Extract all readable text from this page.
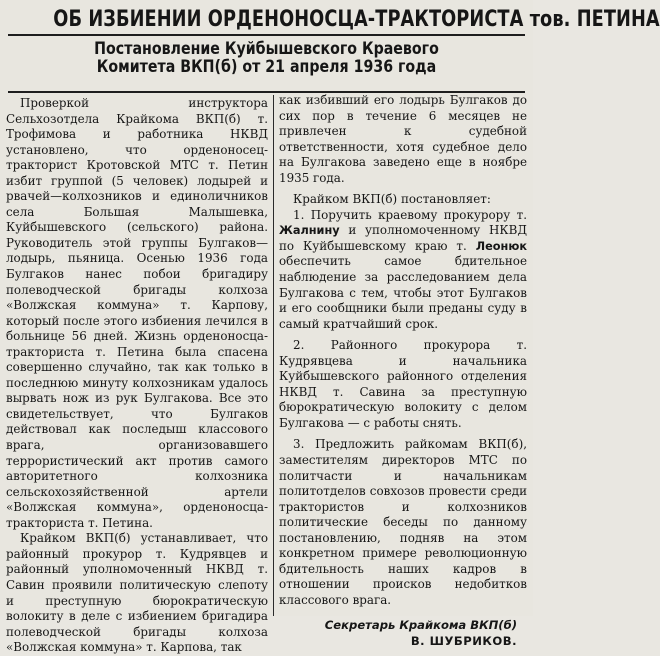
ОБ ИЗБИЕНИИ ОРДЕНОНОСЦА-ТРАКТОРИСТА тов. ПЕТИНА
Постановление Куйбышевского Краевого
Комитета ВКП(б) от 21 апреля 1936 года

Проверкой инструктора Сельхозотдела Крайкома ВКП(б) т. Трофимова и работника НКВД установлено, что орденоносец-тракторист Кротовской МТС т. Петин избит группой (5 человек) лодырей и рвачей—колхозников и единоличников села Большая Малышевка, Куйбышевского (сельского) района. Руководитель этой группы Булгаков—лодырь, пьяница. Осенью 1936 года Булгаков нанес побои бригадиру полеводческой бригады колхоза «Волжская коммуна» т. Карпову, который после этого избиения лечился в больнице 56 дней. Жизнь орденоносца-тракториста т. Петина была спасена совершенно случайно, так как только в последнюю минуту колхозникам удалось вырвать нож из рук Булгакова. Все это свидетельствует, что Булгаков действовал как последыш классового врага, организовавшего террористический акт против самого авторитетного колхозника сельскохозяйственной артели «Волжская коммуна», орденоносца-тракториста т. Петина.

Крайком ВКП(б) устанавливает, что районный прокурор т. Кудрявцев и районный уполномоченный НКВД т. Савин проявили политическую слепоту и преступную бюрократическую волокиту в деле с избиением бригадира полеводческой бригады колхоза «Волжская коммуна» т. Карпова, так

как избивший его лодырь Булгаков до сих пор в течение 6 месяцев не привлечен к судебной ответственности, хотя судебное дело на Булгакова заведено еще в ноябре 1935 года.

Крайком ВКП(б) постановляет:

1. Поручить краевому прокурору т. Жалнину и уполномоченному НКВД по Куйбышевскому краю т. Леонюк обеспечить самое бдительное наблюдение за расследованием дела Булгакова с тем, чтобы этот Булгаков и его сообщники были преданы суду в самый кратчайший срок.

2. Районного прокурора т. Кудрявцева и начальника Куйбышевского районного отделения НКВД т. Савина за преступную бюрократическую волокиту с делом Булгакова — с работы снять.

3. Предложить райкомам ВКП(б), заместителям директоров МТС по политчасти и начальникам политотделов совхозов провести среди трактористов и колхозников политические беседы по данному постановлению, подняв на этом конкретном примере революционную бдительность наших кадров в отношении происков недобитков классового врага.

Секретарь Крайкома ВКП(б)
В. ШУБРИКОВ.
